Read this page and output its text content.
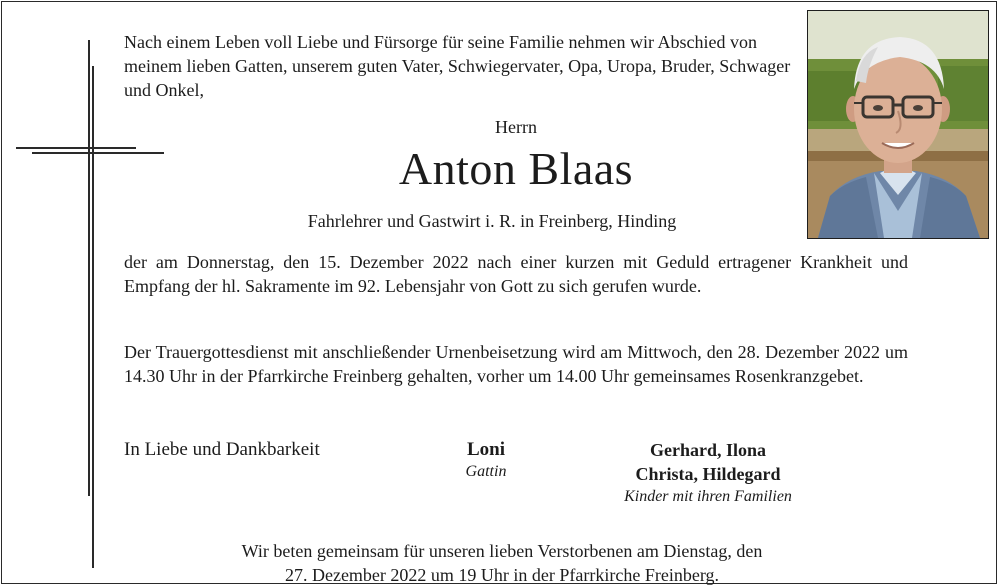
Nach einem Leben voll Liebe und Fürsorge für seine Familie nehmen wir Abschied von meinem lieben Gatten, unserem guten Vater, Schwiegervater, Opa, Uropa, Bruder, Schwager und Onkel,

Herrn

Anton Blaas

Fahrlehrer und Gastwirt i. R. in Freinberg, Hinding

der am Donnerstag, den 15. Dezember 2022 nach einer kurzen mit Geduld ertragener Krankheit und Empfang der hl. Sakramente im 92. Lebensjahr von Gott zu sich gerufen wurde.

Der Trauergottesdienst mit anschließender Urnenbeisetzung wird am Mittwoch, den 28. Dezember 2022 um 14.30 Uhr in der Pfarrkirche Freinberg gehalten, vorher um 14.00 Uhr gemeinsames Rosenkranzgebet.

In Liebe und Dankbarkeit	Loni
Gattin
Gerhard, Ilona
Christa, Hildegard
Kinder mit ihren Familien

Wir beten gemeinsam für unseren lieben Verstorbenen am Dienstag, den
27. Dezember 2022 um 19 Uhr in der Pfarrkirche Freinberg.
